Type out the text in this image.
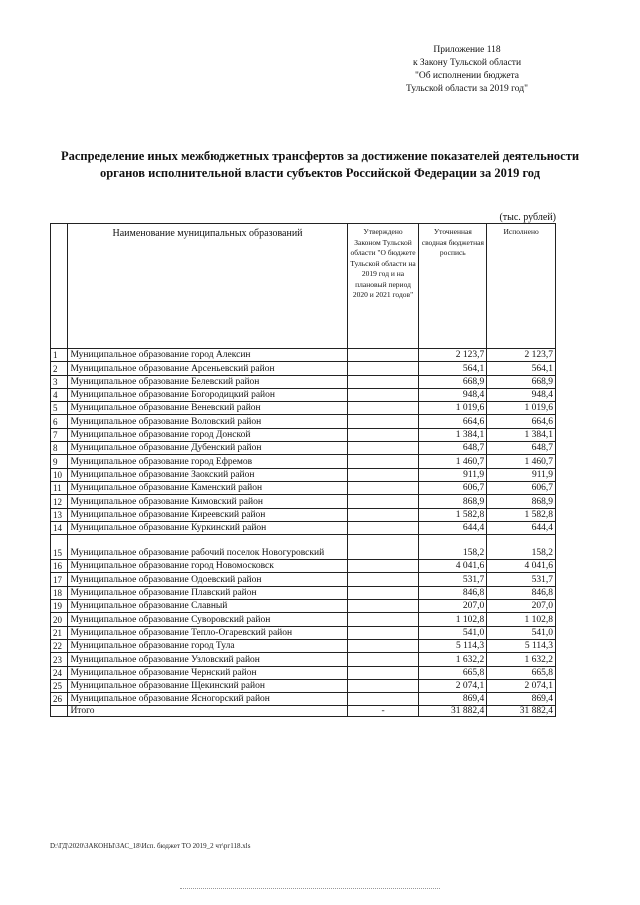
Приложение 118
к Закону Тульской области
"Об исполнении бюджета
Тульской области за 2019 год"
Распределение иных межбюджетных трансфертов за достижение показателей деятельности органов исполнительной власти субъектов Российской Федерации за 2019 год
(тыс. рублей)
	Наименование муниципальных образований	Утверждено Законом Тульской области "О бюджете Тульской области на 2019 год и на плановый период 2020 и 2021 годов"	Уточненная сводная бюджетная роспись	Исполнено
1	Муниципальное образование город Алексин		2 123,7	2 123,7
2	Муниципальное образование Арсеньевский район		564,1	564,1
3	Муниципальное образование Белевский район		668,9	668,9
4	Муниципальное образование Богородицкий район		948,4	948,4
5	Муниципальное образование Веневский район		1 019,6	1 019,6
6	Муниципальное образование Воловский район		664,6	664,6
7	Муниципальное образование город Донской		1 384,1	1 384,1
8	Муниципальное образование Дубенский район		648,7	648,7
9	Муниципальное образование город Ефремов		1 460,7	1 460,7
10	Муниципальное образование Заокский район		911,9	911,9
11	Муниципальное образование Каменский район		606,7	606,7
12	Муниципальное образование Кимовский район		868,9	868,9
13	Муниципальное образование Киреевский район		1 582,8	1 582,8
14	Муниципальное образование Куркинский район		644,4	644,4
15	Муниципальное образование рабочий поселок Новогуровский		158,2	158,2
16	Муниципальное образование город Новомосковск		4 041,6	4 041,6
17	Муниципальное образование Одоевский район		531,7	531,7
18	Муниципальное образование Плавский район		846,8	846,8
19	Муниципальное образование Славный		207,0	207,0
20	Муниципальное образование Суворовский район		1 102,8	1 102,8
21	Муниципальное образование Тепло-Огаревский район		541,0	541,0
22	Муниципальное образование город Тула		5 114,3	5 114,3
23	Муниципальное образование Узловский район		1 632,2	1 632,2
24	Муниципальное образование Чернский район		665,8	665,8
25	Муниципальное образование Щекинский район		2 074,1	2 074,1
26	Муниципальное образование Ясногорский район		869,4	869,4
	Итого	-	31 882,4	31 882,4
D:\ГД\2020\ЗАКОНЫ\ЗАС_18\Исп. бюджет ТО 2019_2 чт\рг118.xls
